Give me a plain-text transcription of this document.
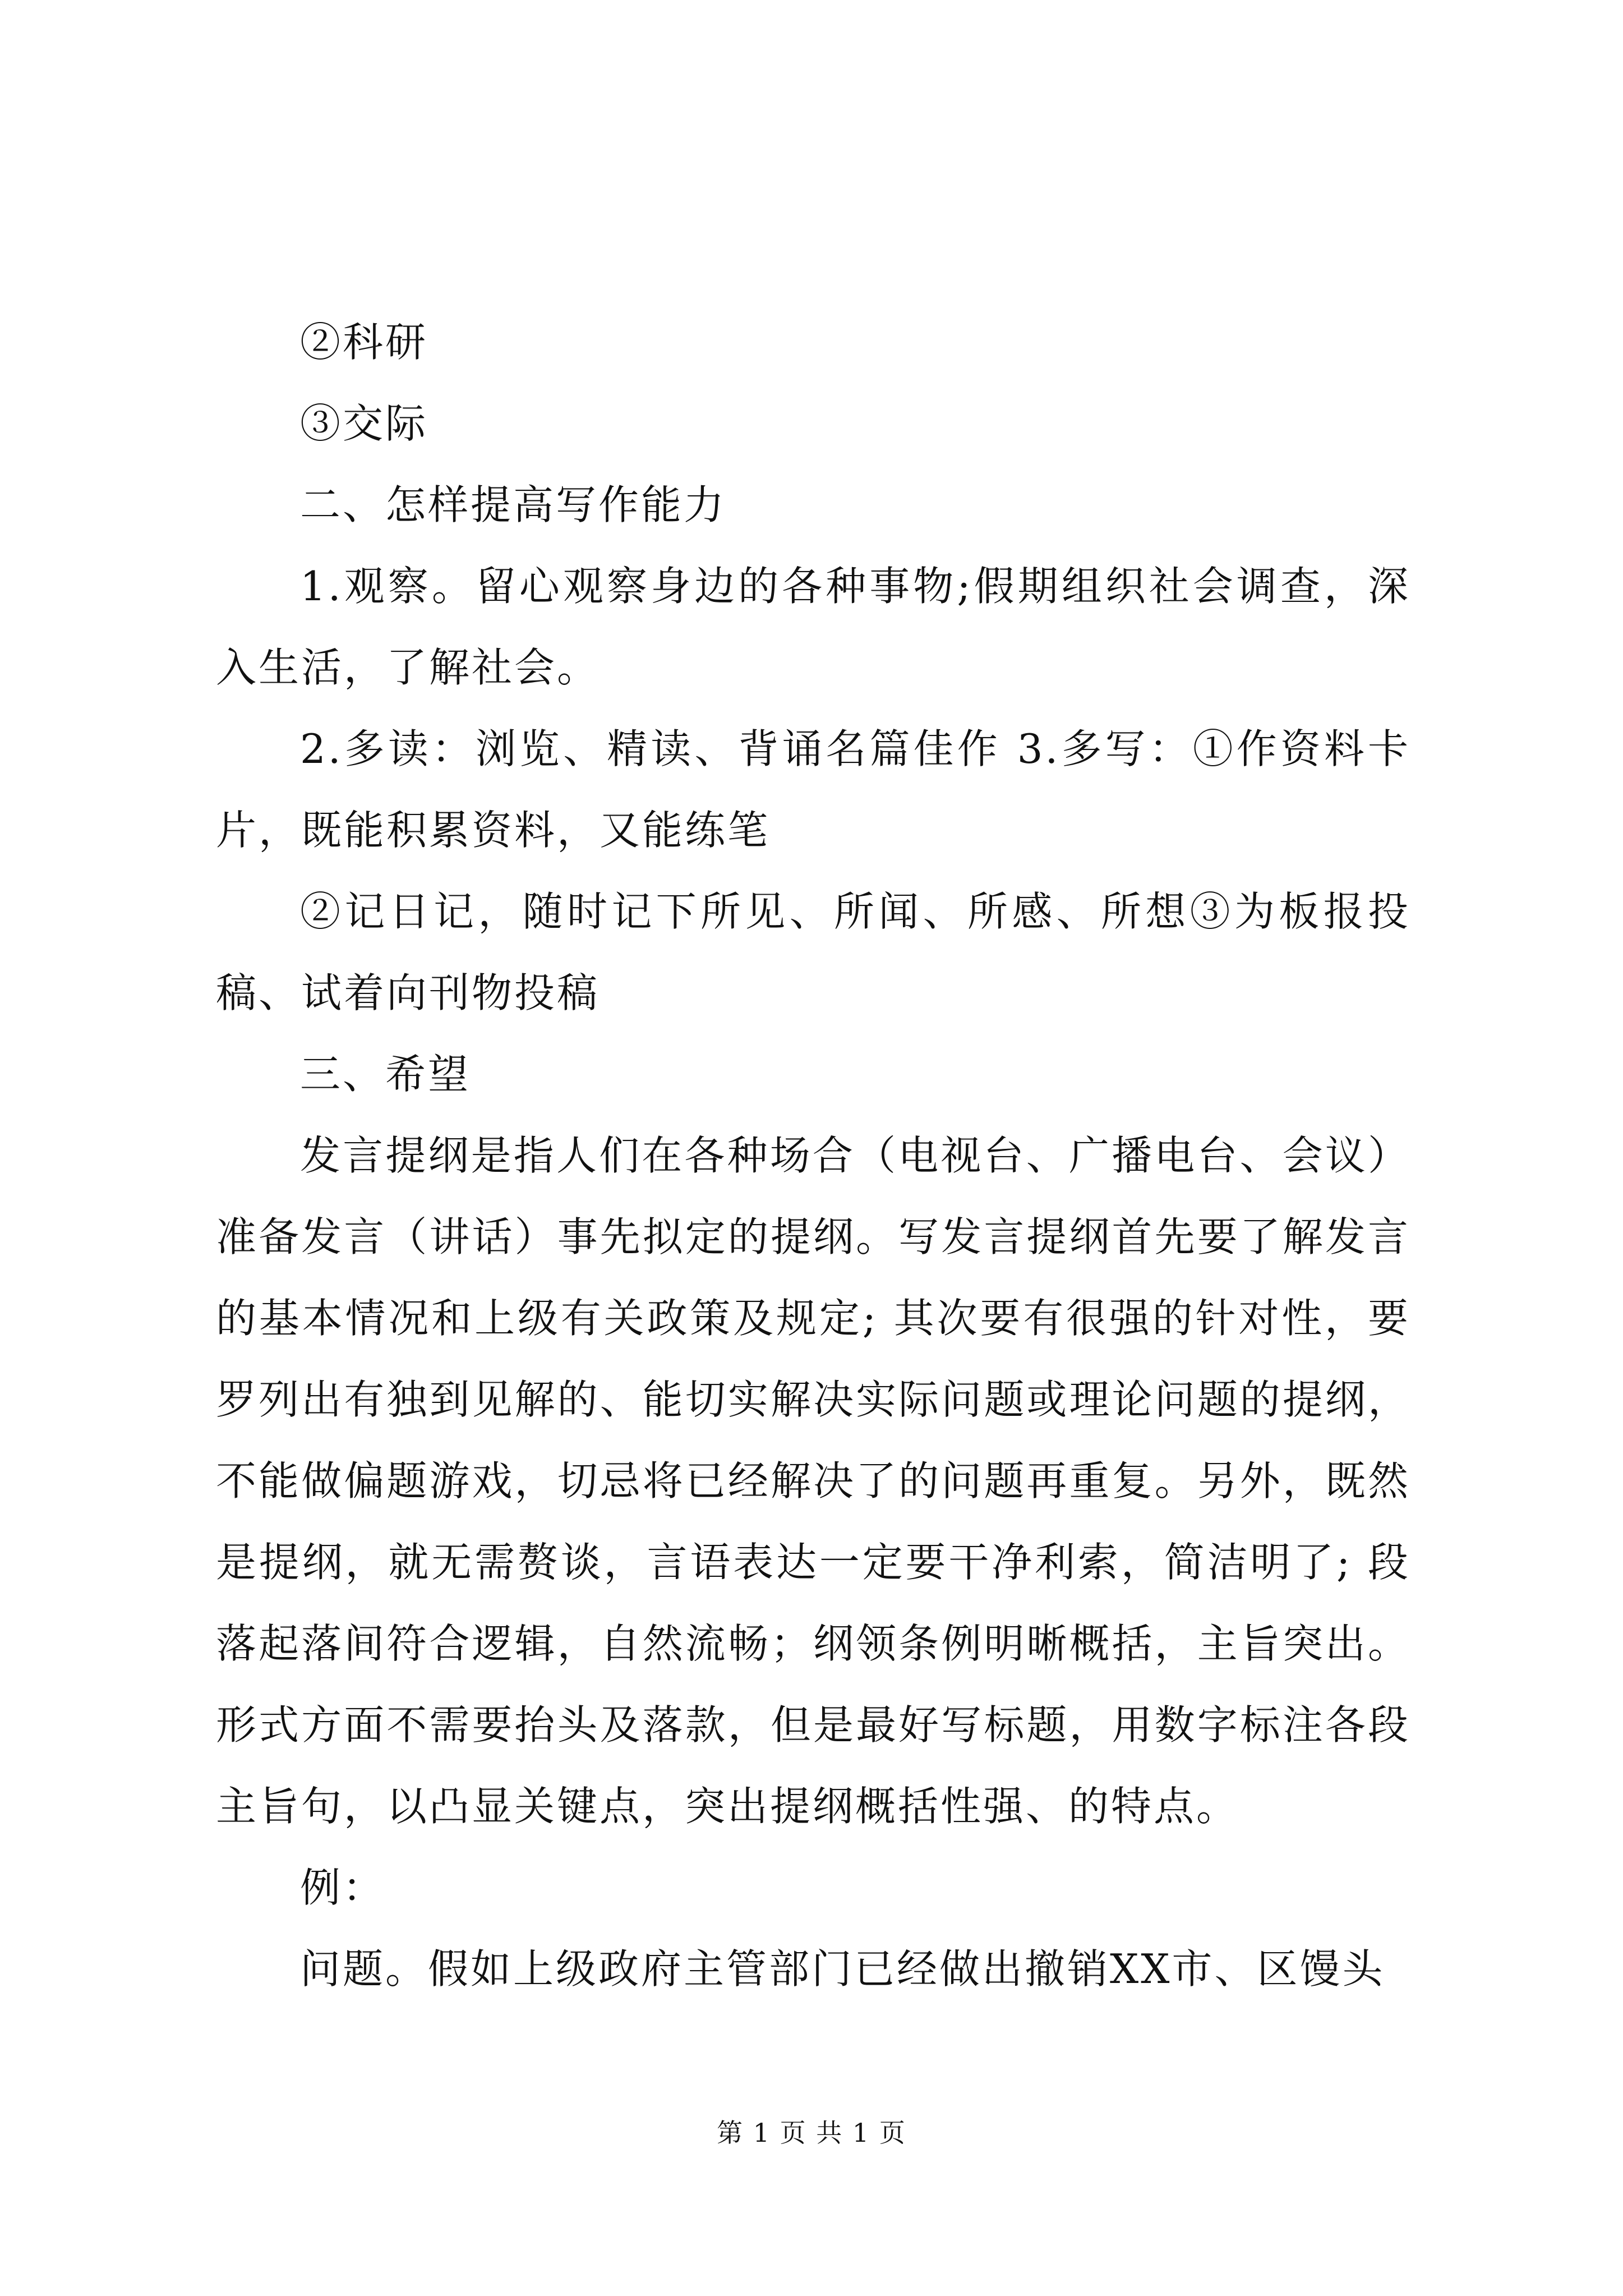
②科研

③交际

二、怎样提高写作能力

1.观察。留心观察身边的各种事物;假期组织社会调查，深入生活，了解社会。

2.多读：浏览、精读、背诵名篇佳作 3.多写：①作资料卡片，既能积累资料，又能练笔

②记日记，随时记下所见、所闻、所感、所想③为板报投稿、试着向刊物投稿

三、希望

发言提纲是指人们在各种场合（电视台、广播电台、会议）准备发言（讲话）事先拟定的提纲。写发言提纲首先要了解发言的基本情况和上级有关政策及规定; 其次要有很强的针对性，要罗列出有独到见解的、能切实解决实际问题或理论问题的提纲，不能做偏题游戏，切忌将已经解决了的问题再重复。另外，既然是提纲，就无需赘谈，言语表达一定要干净利索，简洁明了; 段落起落间符合逻辑，自然流畅；纲领条例明晰概括，主旨突出。形式方面不需要抬头及落款，但是最好写标题，用数字标注各段主旨句，以凸显关键点，突出提纲概括性强、的特点。

例：

问题。假如上级政府主管部门已经做出撤销XX市、区馒头

第 1 页 共 1 页
